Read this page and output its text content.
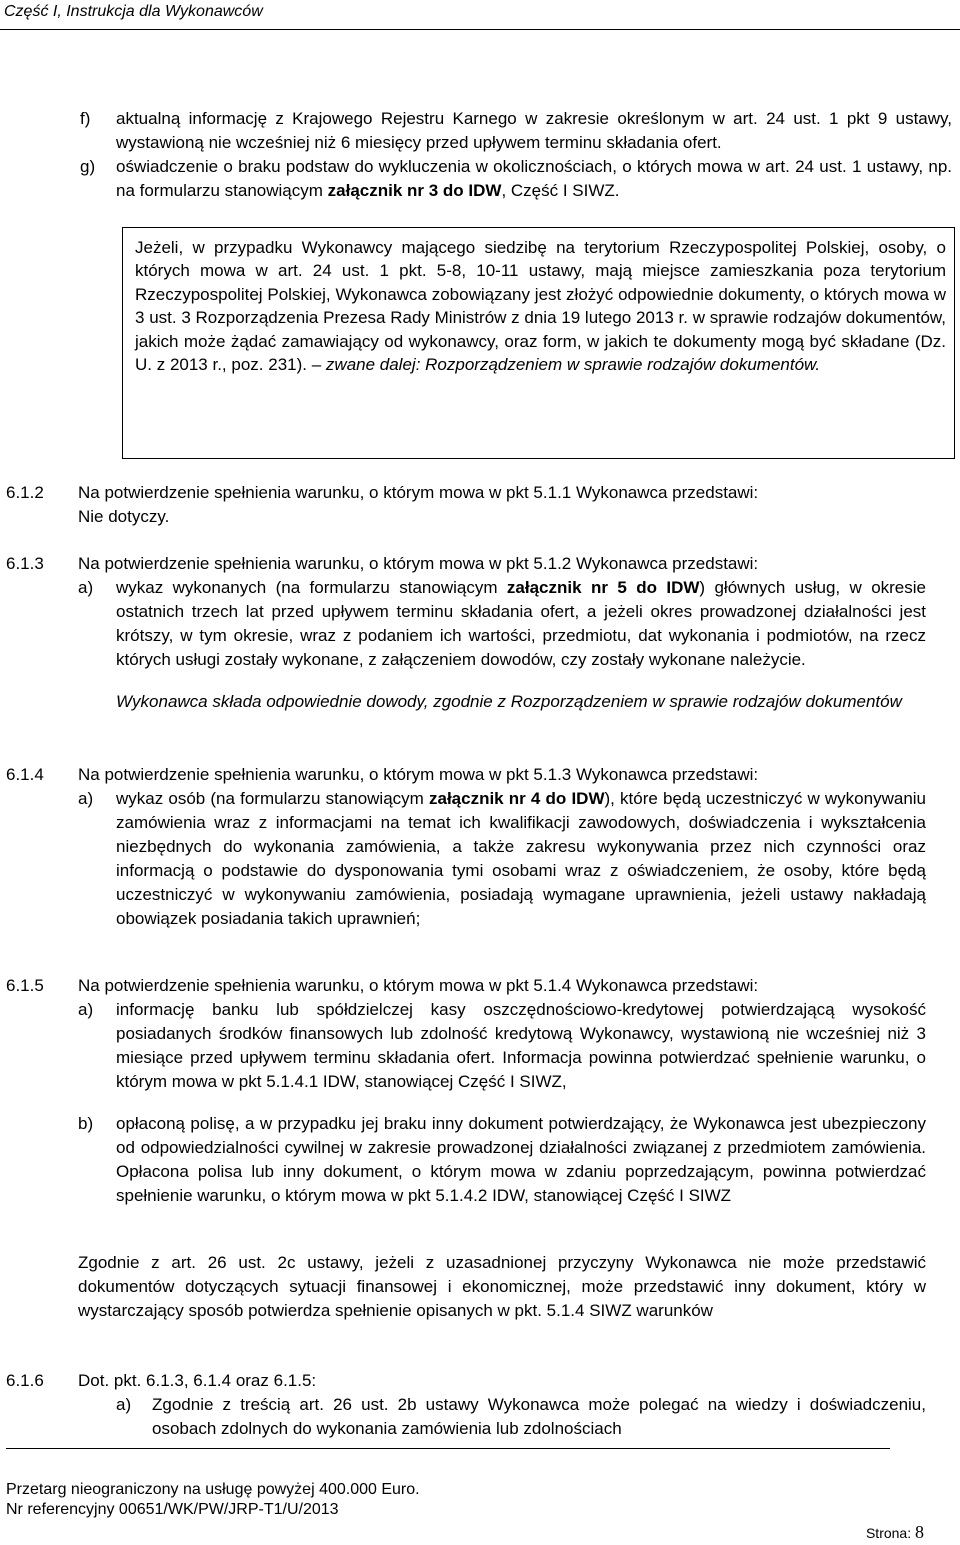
Część I, Instrukcja dla Wykonawców
f) aktualną informację z Krajowego Rejestru Karnego w zakresie określonym w art. 24 ust. 1 pkt 9 ustawy, wystawioną nie wcześniej niż 6 miesięcy przed upływem terminu składania ofert.
g) oświadczenie o braku podstaw do wykluczenia w okolicznościach, o których mowa w art. 24 ust. 1 ustawy, np. na formularzu stanowiącym załącznik nr 3 do IDW, Część I SIWZ.

Jeżeli, w przypadku Wykonawcy mającego siedzibę na terytorium Rzeczypospolitej Polskiej, osoby, o których mowa w art. 24 ust. 1 pkt. 5-8, 10-11 ustawy, mają miejsce zamieszkania poza terytorium Rzeczypospolitej Polskiej, Wykonawca zobowiązany jest złożyć odpowiednie dokumenty, o których mowa w 3 ust. 3 Rozporządzenia Prezesa Rady Ministrów z dnia 19 lutego 2013 r. w sprawie rodzajów dokumentów, jakich może żądać zamawiający od wykonawcy, oraz form, w jakich te dokumenty mogą być składane (Dz. U. z 2013 r., poz. 231). – zwane dalej: Rozporządzeniem w sprawie rodzajów dokumentów.

6.1.2 Na potwierdzenie spełnienia warunku, o którym mowa w pkt 5.1.1 Wykonawca przedstawi:
Nie dotyczy.
6.1.3 Na potwierdzenie spełnienia warunku, o którym mowa w pkt 5.1.2 Wykonawca przedstawi:
a) wykaz wykonanych (na formularzu stanowiącym załącznik nr 5 do IDW) głównych usług, w okresie ostatnich trzech lat przed upływem terminu składania ofert, a jeżeli okres prowadzonej działalności jest krótszy, w tym okresie, wraz z podaniem ich wartości, przedmiotu, dat wykonania i podmiotów, na rzecz których usługi zostały wykonane, z załączeniem dowodów, czy zostały wykonane należycie.
Wykonawca składa odpowiednie dowody, zgodnie z Rozporządzeniem w sprawie rodzajów dokumentów
6.1.4 Na potwierdzenie spełnienia warunku, o którym mowa w pkt 5.1.3 Wykonawca przedstawi:
a) wykaz osób (na formularzu stanowiącym załącznik nr 4 do IDW), które będą uczestniczyć w wykonywaniu zamówienia wraz z informacjami na temat ich kwalifikacji zawodowych, doświadczenia i wykształcenia niezbędnych do wykonania zamówienia, a także zakresu wykonywania przez nich czynności oraz informacją o podstawie do dysponowania tymi osobami wraz z oświadczeniem, że osoby, które będą uczestniczyć w wykonywaniu zamówienia, posiadają wymagane uprawnienia, jeżeli ustawy nakładają obowiązek posiadania takich uprawnień;
6.1.5 Na potwierdzenie spełnienia warunku, o którym mowa w pkt 5.1.4 Wykonawca przedstawi:
a) informację banku lub spółdzielczej kasy oszczędnościowo-kredytowej potwierdzającą wysokość posiadanych środków finansowych lub zdolność kredytową Wykonawcy, wystawioną nie wcześniej niż 3 miesiące przed upływem terminu składania ofert. Informacja powinna potwierdzać spełnienie warunku, o którym mowa w pkt 5.1.4.1 IDW, stanowiącej Część I SIWZ,
b) opłaconą polisę, a w przypadku jej braku inny dokument potwierdzający, że Wykonawca jest ubezpieczony od odpowiedzialności cywilnej w zakresie prowadzonej działalności związanej z przedmiotem zamówienia. Opłacona polisa lub inny dokument, o którym mowa w zdaniu poprzedzającym, powinna potwierdzać spełnienie warunku, o którym mowa w pkt 5.1.4.2 IDW, stanowiącej Część I SIWZ
Zgodnie z art. 26 ust. 2c ustawy, jeżeli z uzasadnionej przyczyny Wykonawca nie może przedstawić dokumentów dotyczących sytuacji finansowej i ekonomicznej, może przedstawić inny dokument, który w wystarczający sposób potwierdza spełnienie opisanych w pkt. 5.1.4 SIWZ warunków
6.1.6 Dot. pkt. 6.1.3, 6.1.4 oraz 6.1.5:
a) Zgodnie z treścią art. 26 ust. 2b ustawy Wykonawca może polegać na wiedzy i doświadczeniu, osobach zdolnych do wykonania zamówienia lub zdolnościach
Przetarg nieograniczony na usługę powyżej 400.000 Euro.
Nr referencyjny 00651/WK/PW/JRP-T1/U/2013
Strona: 8
